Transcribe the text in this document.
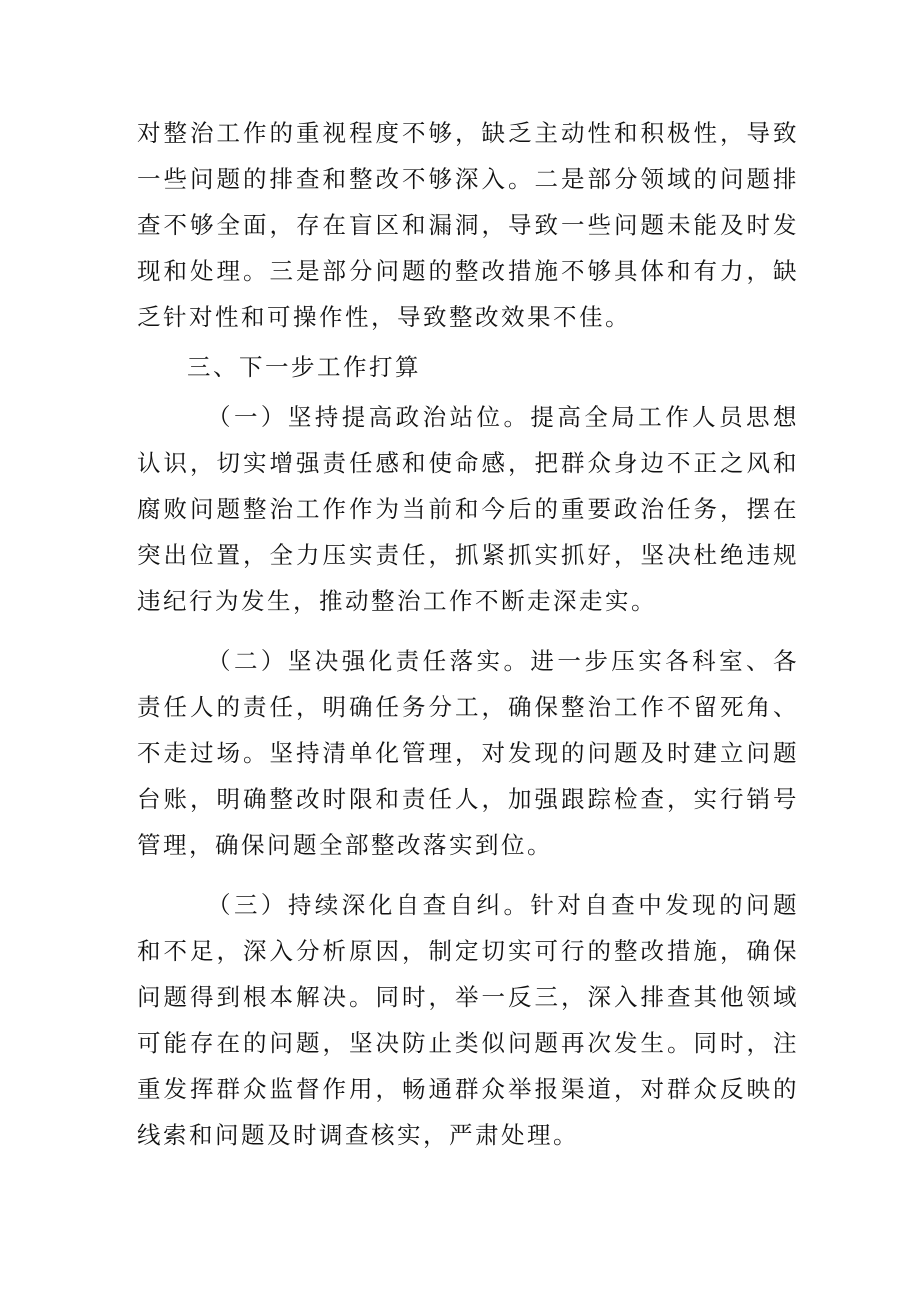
对整治工作的重视程度不够，缺乏主动性和积极性，导致一些问题的排查和整改不够深入。二是部分领域的问题排查不够全面，存在盲区和漏洞，导致一些问题未能及时发现和处理。三是部分问题的整改措施不够具体和有力，缺乏针对性和可操作性，导致整改效果不佳。

三、下一步工作打算

（一）坚持提高政治站位。提高全局工作人员思想认识，切实增强责任感和使命感，把群众身边不正之风和腐败问题整治工作作为当前和今后的重要政治任务，摆在突出位置，全力压实责任，抓紧抓实抓好，坚决杜绝违规违纪行为发生，推动整治工作不断走深走实。

（二）坚决强化责任落实。进一步压实各科室、各责任人的责任，明确任务分工，确保整治工作不留死角、不走过场。坚持清单化管理，对发现的问题及时建立问题台账，明确整改时限和责任人，加强跟踪检查，实行销号管理，确保问题全部整改落实到位。

（三）持续深化自查自纠。针对自查中发现的问题和不足，深入分析原因，制定切实可行的整改措施，确保问题得到根本解决。同时，举一反三，深入排查其他领域可能存在的问题，坚决防止类似问题再次发生。同时，注重发挥群众监督作用，畅通群众举报渠道，对群众反映的线索和问题及时调查核实，严肃处理。
